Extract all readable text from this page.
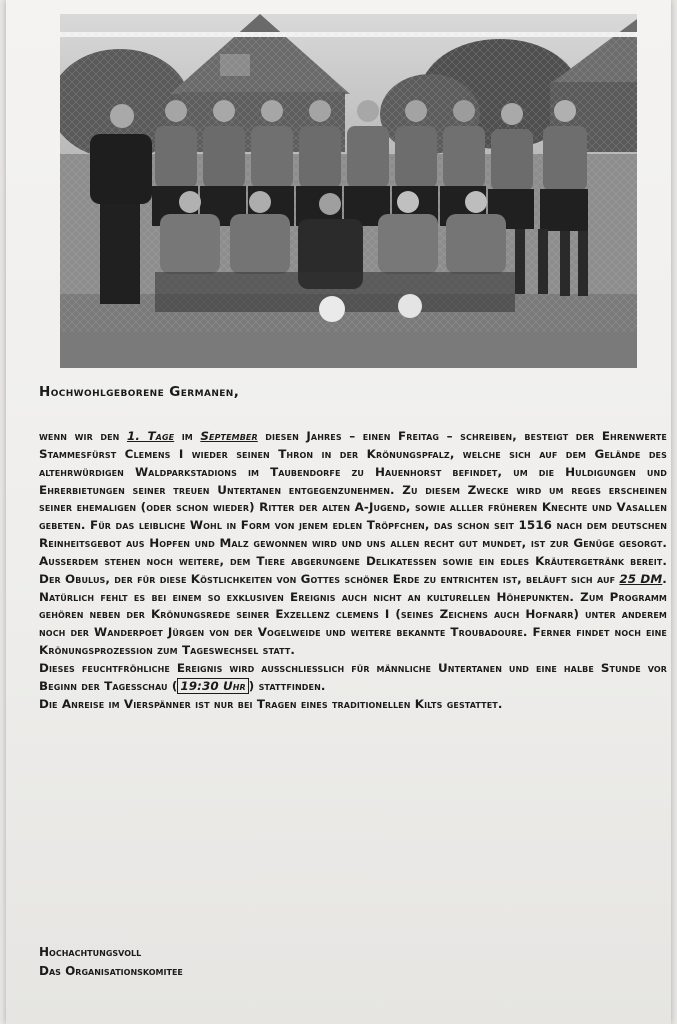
Hochwohlgeborene Germanen,

wenn wir den 1. Tage im September diesen Jahres – einen Freitag – schreiben, besteigt der Ehrenwerte Stammesfürst Clemens I wieder seinen Thron in der Krönungspfalz, welche sich auf dem Gelände des altehrwürdigen Waldparkstadions im Taubendorfe zu Hauenhorst befindet, um die Huldigungen und Ehrerbietungen seiner treuen Untertanen entgegenzunehmen. Zu diesem Zwecke wird um reges erscheinen seiner ehemaligen (oder schon wieder) Ritter der alten A-Jugend, sowie alller früheren Knechte und Vasallen gebeten. Für das leibliche Wohl in Form von jenem edlen Tröpfchen, das schon seit 1516 nach dem deutschen Reinheitsgebot aus Hopfen und Malz gewonnen wird und uns allen recht gut mundet, ist zur Genüge gesorgt. Ausserdem stehen noch weitere, dem Tiere abgerungene Delikatessen sowie ein edles Kräutergetränk bereit. Der Obulus, der für diese Köstlichkeiten von Gottes schöner Erde zu entrichten ist, beläuft sich auf 25 DM.

Natürlich fehlt es bei einem so exklusiven Ereignis auch nicht an kulturellen Höhepunkten. Zum Programm gehören neben der Krönungsrede seiner Exzellenz clemens I (seines Zeichens auch Hofnarr) unter anderem noch der Wanderpoet Jürgen von der Vogelweide und weitere bekannte Troubadoure. Ferner findet noch eine Krönungsprozession zum Tageswechsel statt.

Dieses feuchtfröhliche Ereignis wird ausschliesslich für männliche Untertanen und eine halbe Stunde vor Beginn der Tagesschau ( 19:30 Uhr ) stattfinden.

Die Anreise im Vierspänner ist nur bei Tragen eines traditionellen Kilts gestattet.

Hochachtungsvoll
Das Organisationskomitee
